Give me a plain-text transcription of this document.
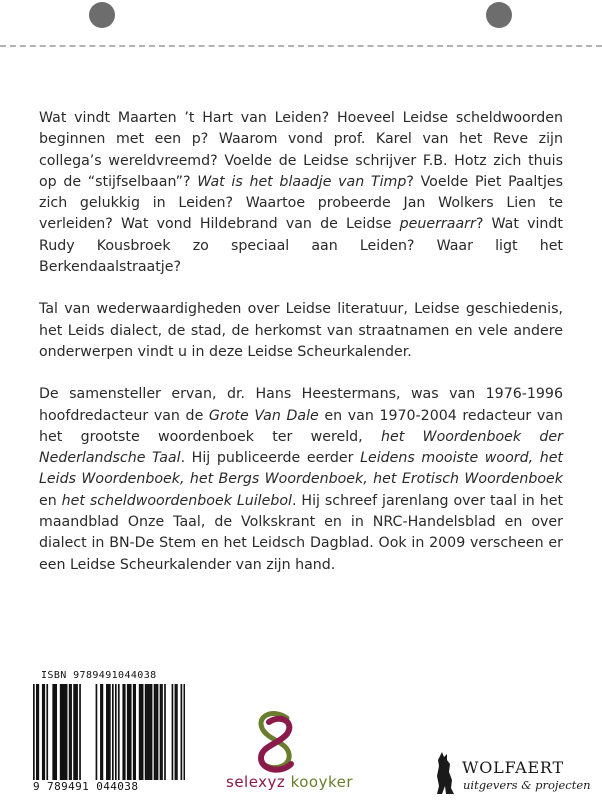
Wat vindt Maarten ’t Hart van Leiden? Hoeveel Leidse scheldwoorden beginnen met een p? Waarom vond prof. Karel van het Reve zijn collega’s wereldvreemd? Voelde de Leidse schrijver F.B. Hotz zich thuis op de “stijfselbaan”? Wat is het blaadje van Timp? Voelde Piet Paaltjes zich gelukkig in Leiden? Waartoe probeerde Jan Wolkers Lien te verleiden? Wat vond Hildebrand van de Leidse peuerraarr? Wat vindt Rudy Kousbroek zo speciaal aan Leiden? Waar ligt het Berkendaalstraatje?

Tal van wederwaardigheden over Leidse literatuur, Leidse geschiedenis, het Leids dialect, de stad, de herkomst van straatnamen en vele andere onderwerpen vindt u in deze Leidse Scheurkalender.

De samensteller ervan, dr. Hans Heestermans, was van 1976-1996 hoofdredacteur van de Grote Van Dale en van 1970-2004 redacteur van het grootste woordenboek ter wereld, het Woordenboek der Nederlandsche Taal. Hij publiceerde eerder Leidens mooiste woord, het Leids Woordenboek, het Bergs Woordenboek, het Erotisch Woordenboek en het scheldwoordenboek Luilebol. Hij schreef jarenlang over taal in het maandblad Onze Taal, de Volkskrant en in NRC-Handelsblad en over dialect in BN-De Stem en het Leidsch Dagblad. Ook in 2009 verscheen er een Leidse Scheurkalender van zijn hand.

ISBN 9789491044038
9 789491 044038	selexyz kooyker
WOLFAERT
uitgevers & projecten
